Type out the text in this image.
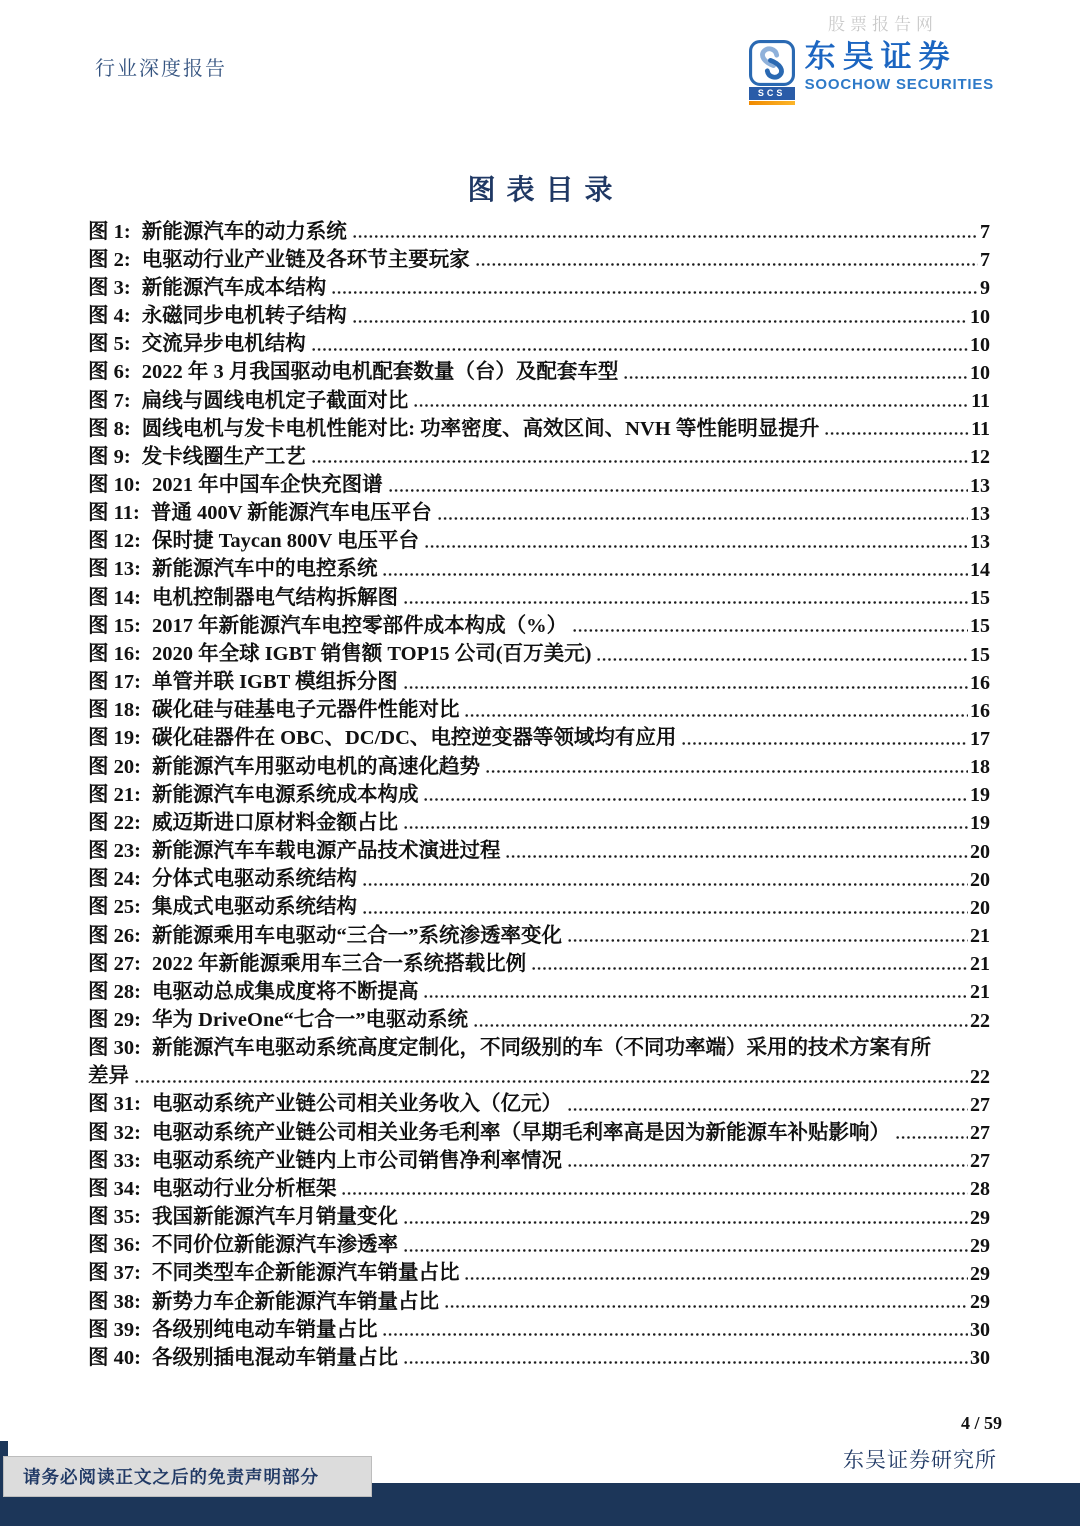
股票报告网
行业深度报告
SCS
东吴证券
SOOCHOW SECURITIES
图表目录
图 1: 新能源汽车的动力系统	7
图 2: 电驱动行业产业链及各环节主要玩家	7
图 3: 新能源汽车成本结构	9
图 4: 永磁同步电机转子结构	10
图 5: 交流异步电机结构	10
图 6: 2022 年 3 月我国驱动电机配套数量（台）及配套车型	10
图 7: 扁线与圆线电机定子截面对比	11
图 8: 圆线电机与发卡电机性能对比: 功率密度、高效区间、NVH 等性能明显提升	11
图 9: 发卡线圈生产工艺	12
图 10: 2021 年中国车企快充图谱	13
图 11: 普通 400V 新能源汽车电压平台	13
图 12: 保时捷 Taycan 800V 电压平台	13
图 13: 新能源汽车中的电控系统	14
图 14: 电机控制器电气结构拆解图	15
图 15: 2017 年新能源汽车电控零部件成本构成（%）	15
图 16: 2020 年全球 IGBT 销售额 TOP15 公司(百万美元)	15
图 17: 单管并联 IGBT 模组拆分图	16
图 18: 碳化硅与硅基电子元器件性能对比	16
图 19: 碳化硅器件在 OBC、DC/DC、电控逆变器等领域均有应用	17
图 20: 新能源汽车用驱动电机的高速化趋势	18
图 21: 新能源汽车电源系统成本构成	19
图 22: 威迈斯进口原材料金额占比	19
图 23: 新能源汽车车载电源产品技术演进过程	20
图 24: 分体式电驱动系统结构	20
图 25: 集成式电驱动系统结构	20
图 26: 新能源乘用车电驱动“三合一”系统渗透率变化	21
图 27: 2022 年新能源乘用车三合一系统搭载比例	21
图 28: 电驱动总成集成度将不断提高	21
图 29: 华为 DriveOne“七合一”电驱动系统	22
图 30: 新能源汽车电驱动系统高度定制化，不同级别的车（不同功率端）采用的技术方案有所
差异	22
图 31: 电驱动系统产业链公司相关业务收入（亿元）	27
图 32: 电驱动系统产业链公司相关业务毛利率（早期毛利率高是因为新能源车补贴影响）	27
图 33: 电驱动系统产业链内上市公司销售净利率情况	27
图 34: 电驱动行业分析框架	28
图 35: 我国新能源汽车月销量变化	29
图 36: 不同价位新能源汽车渗透率	29
图 37: 不同类型车企新能源汽车销量占比	29
图 38: 新势力车企新能源汽车销量占比	29
图 39: 各级别纯电动车销量占比	30
图 40: 各级别插电混动车销量占比	30
请务必阅读正文之后的免责声明部分
4 / 59
东吴证券研究所
